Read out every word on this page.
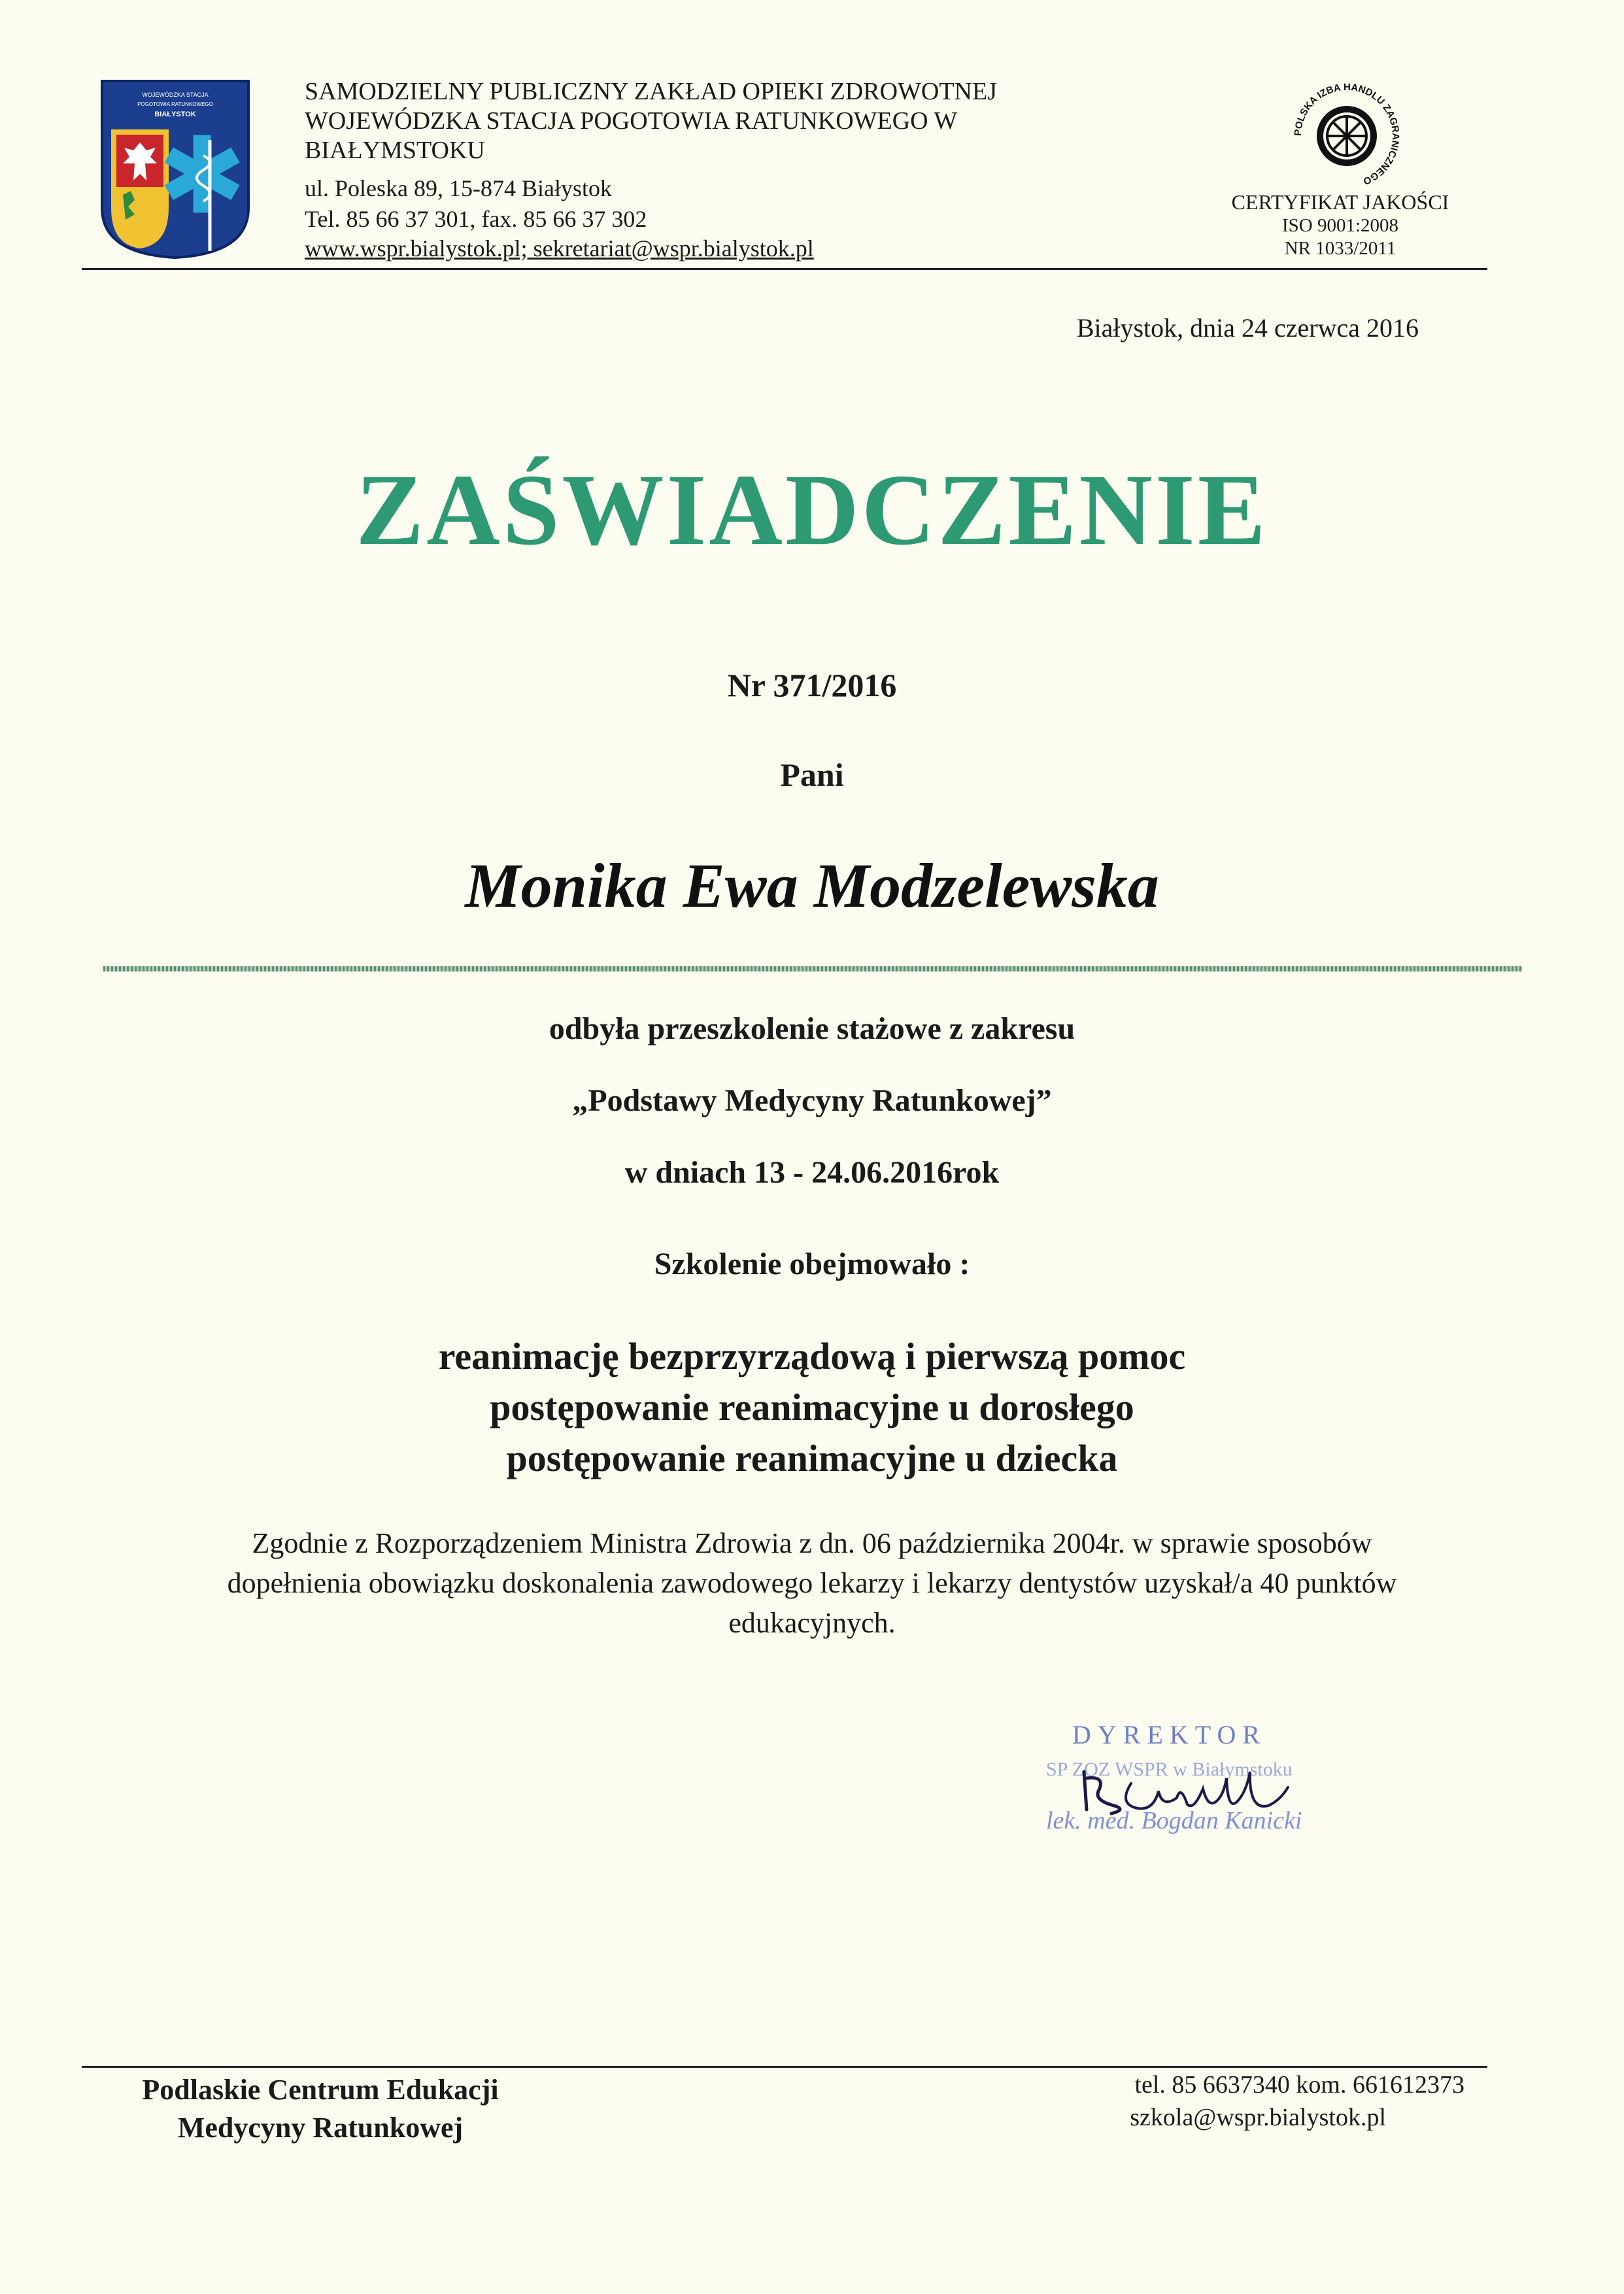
WOJEWÓDZKA STACJA
POGOTOWIA RATUNKOWEGO
BIAŁYSTOK
SAMODZIELNY PUBLICZNY ZAKŁAD OPIEKI ZDROWOTNEJ
WOJEWÓDZKA STACJA POGOTOWIA RATUNKOWEGO W
BIAŁYMSTOKU
ul. Poleska 89, 15-874 Białystok
Tel. 85 66 37 301, fax. 85 66 37 302
www.wspr.bialystok.pl; sekretariat@wspr.bialystok.pl
POLSKA IZBA HANDLU ZAGRANICZNEGO
CERTYFIKAT JAKOŚCI
ISO 9001:2008
NR 1033/2011
Białystok, dnia 24 czerwca 2016
ZAŚWIADCZENIE
Nr 371/2016
Pani
Monika Ewa Modzelewska
odbyła przeszkolenie stażowe z zakresu
„Podstawy Medycyny Ratunkowej”
w dniach 13 - 24.06.2016rok
Szkolenie obejmowało :
reanimację bezprzyrządową i pierwszą pomoc
postępowanie reanimacyjne u dorosłego
postępowanie reanimacyjne u dziecka
Zgodnie z Rozporządzeniem Ministra Zdrowia z dn. 06 października 2004r. w sprawie sposobów
dopełnienia obowiązku doskonalenia zawodowego lekarzy i lekarzy dentystów uzyskał/a 40 punktów
edukacyjnych.
DYREKTOR
SP ZOZ WSPR w Białymstoku
lek. med. Bogdan Kanicki
Podlaskie Centrum Edukacji
Medycyny Ratunkowej
tel. 85 6637340 kom. 661612373
szkola@wspr.bialystok.pl
